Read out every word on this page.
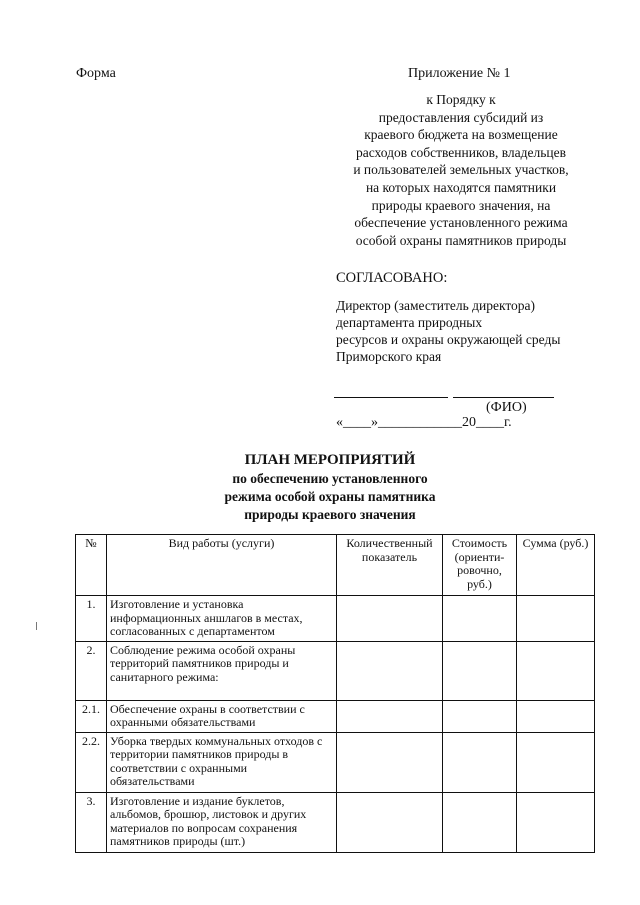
Форма	Приложение № 1
к Порядку к
предоставления субсидий из
краевого бюджета на возмещение
расходов собственников, владельцев
и пользователей земельных участков,
на которых находятся памятники
природы краевого значения, на
обеспечение установленного режима
особой охраны памятников природы
СОГЛАСОВАНО:
Директор (заместитель директора)
департамента природных
ресурсов и охраны окружающей среды
Приморского края
(ФИО)
«____»____________20____г.
ПЛАН МЕРОПРИЯТИЙ
по обеспечению установленного
режима особой охраны памятника
природы краевого значения
№	Вид работы (услуги)	Количественный показатель	Стоимость (ориенти-ровочно, руб.)	Сумма (руб.)
1.	Изготовление и установка информационных аншлагов в местах, согласованных с департаментом			
2.	Соблюдение режима особой охраны территорий памятников природы и санитарного режима:			
2.1.	Обеспечение охраны в соответствии с охранными обязательствами			
2.2.	Уборка твердых коммунальных отходов с территории памятников природы в соответствии с охранными обязательствами			
3.	Изготовление и издание буклетов, альбомов, брошюр, листовок и других материалов по вопросам сохранения памятников природы (шт.)			
